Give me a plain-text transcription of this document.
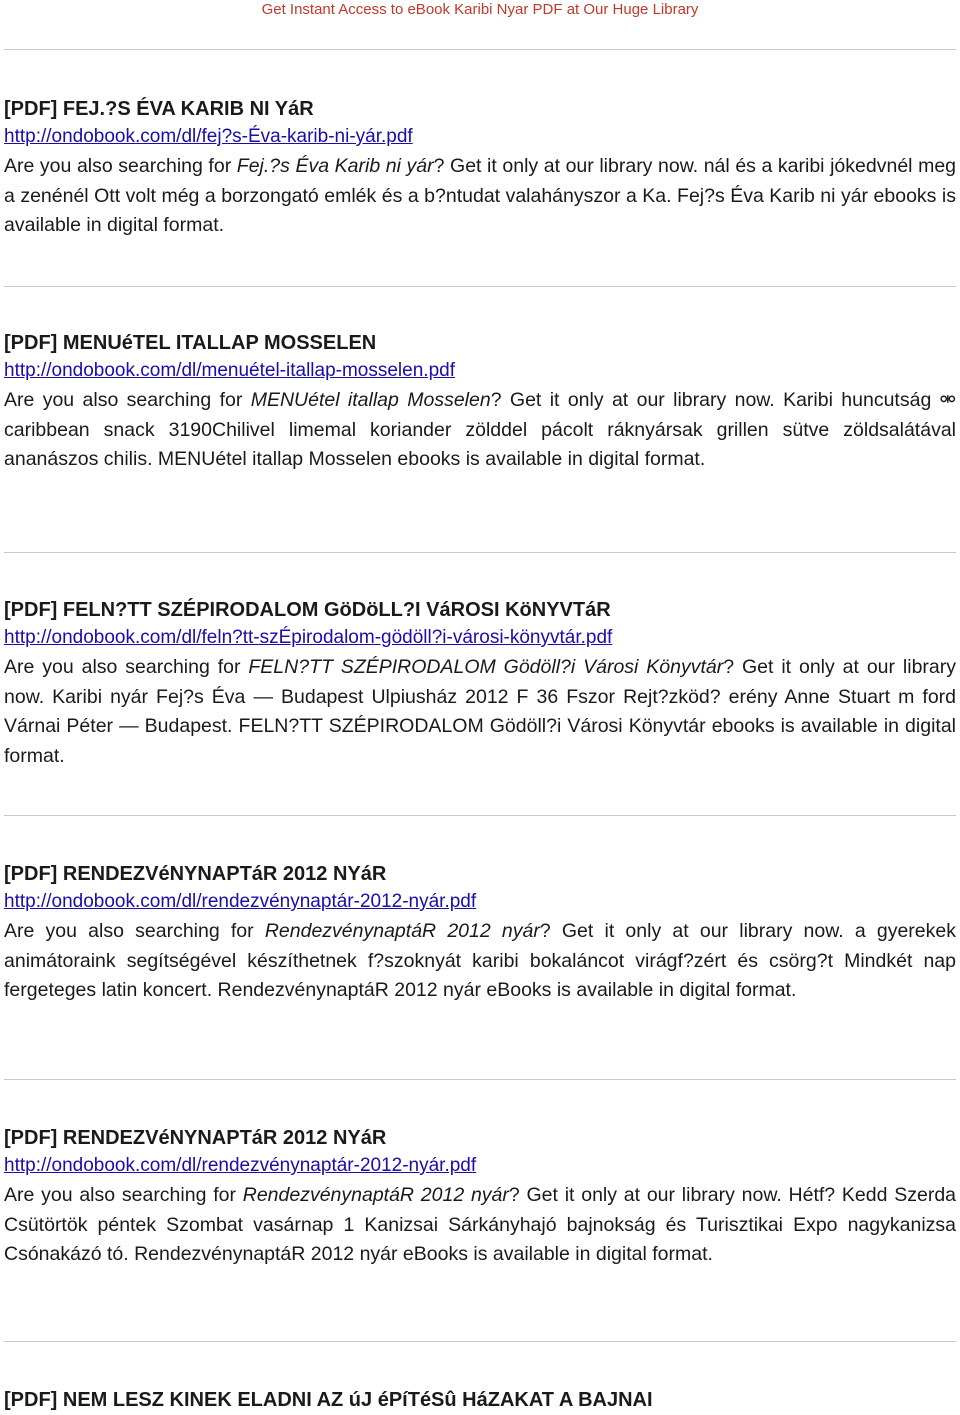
Get Instant Access to eBook Karibi Nyar PDF at Our Huge Library
[PDF] FEJ.?S ÉVA KARIB NI YáR
http://ondobook.com/dl/fej?s-Éva-karib-ni-yár.pdf

Are you also searching for Fej.?s Éva Karib ni yár? Get it only at our library now. nál és a karibi jókedvnél meg a zenénél Ott volt még a borzongató emlék és a b?ntudat valahányszor a Ka. Fej?s Éva Karib ni yár ebooks is available in digital format.

[PDF] MENUéTEL ITALLAP MOSSELEN
http://ondobook.com/dl/menuétel-itallap-mosselen.pdf

Are you also searching for MENUétel itallap Mosselen? Get it only at our library now. Karibi huncutság ⚮ caribbean snack 3190Chilivel limemal koriander zölddel pácolt ráknyársak grillen sütve zöldsalátával ananászos chilis. MENUétel itallap Mosselen ebooks is available in digital format.

[PDF] FELN?TT SZÉPIRODALOM GöDöLL?I VáROSI KöNYVTáR
http://ondobook.com/dl/feln?tt-szÉpirodalom-gödöll?i-városi-könyvtár.pdf

Are you also searching for FELN?TT SZÉPIRODALOM Gödöll?i Városi Könyvtár? Get it only at our library now. Karibi nyár Fej?s Éva — Budapest Ulpiusház 2012 F 36 Fszor Rejt?zköd? erény Anne Stuart m ford Várnai Péter — Budapest. FELN?TT SZÉPIRODALOM Gödöll?i Városi Könyvtár ebooks is available in digital format.

[PDF] RENDEZVéNYNAPTáR 2012 NYáR
http://ondobook.com/dl/rendezvénynaptár-2012-nyár.pdf

Are you also searching for RendezvénynaptáR 2012 nyár? Get it only at our library now. a gyerekek animátoraink segítségével készíthetnek f?szoknyát karibi bokaláncot virágf?zért és csörg?t Mindkét nap fergeteges latin koncert. RendezvénynaptáR 2012 nyár eBooks is available in digital format.

[PDF] RENDEZVéNYNAPTáR 2012 NYáR
http://ondobook.com/dl/rendezvénynaptár-2012-nyár.pdf

Are you also searching for RendezvénynaptáR 2012 nyár? Get it only at our library now. Hétf? Kedd Szerda Csütörtök péntek Szombat vasárnap 1 Kanizsai Sárkányhajó bajnokság és Turisztikai Expo nagykanizsa Csónakázó tó. RendezvénynaptáR 2012 nyár eBooks is available in digital format.

[PDF] NEM LESZ KINEK ELADNI AZ úJ éPíTéSû HáZAKAT A BAJNAI
